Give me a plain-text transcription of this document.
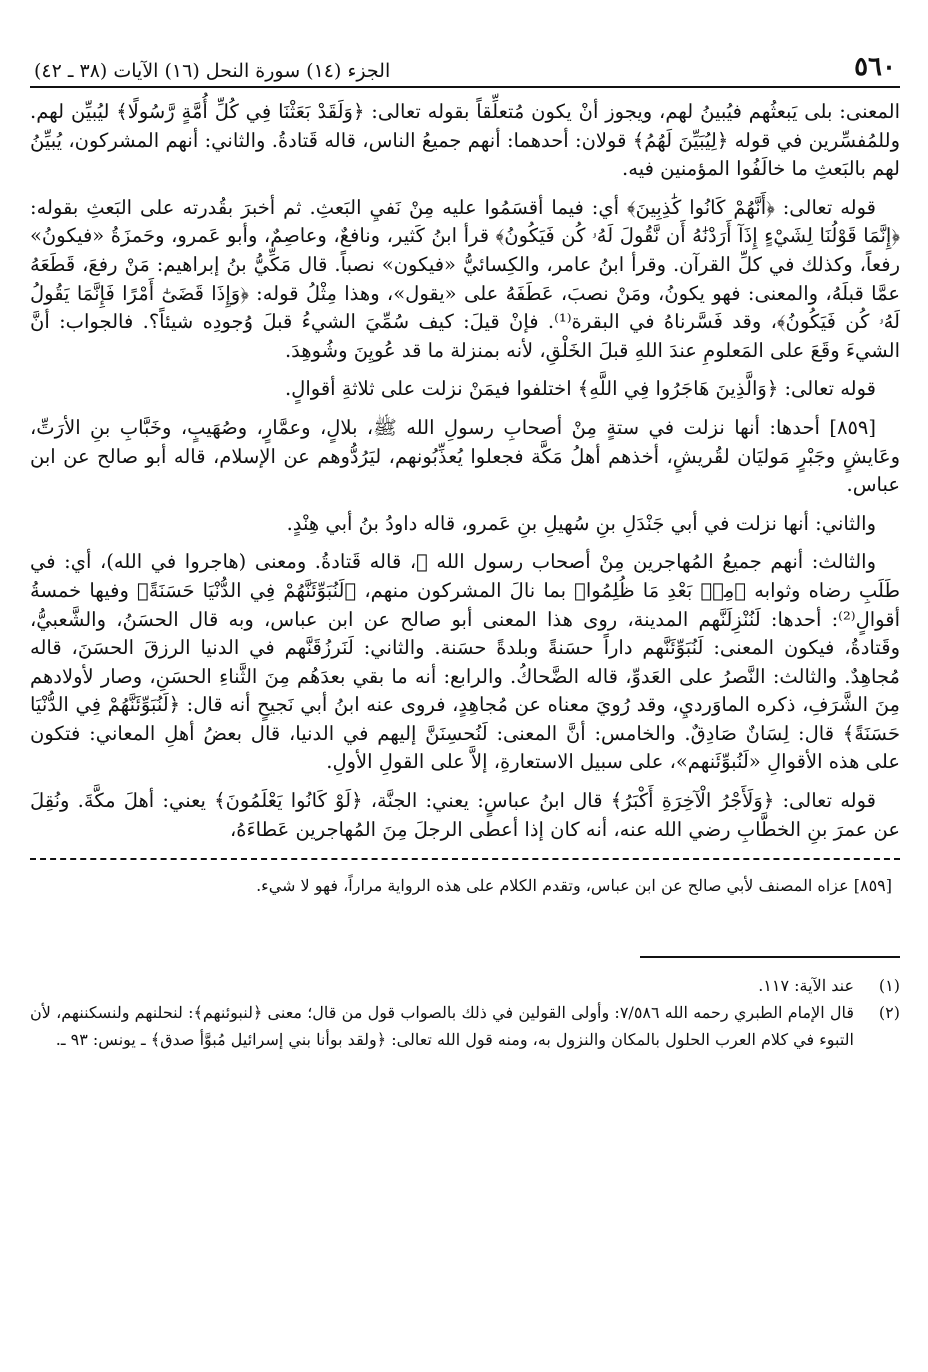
٥٦٠
الجزء (١٤) سورة النحل (١٦) الآيات (٣٨ ـ ٤٢)

المعنى: بلى يَبعثُهم فيُبينُ لهم، ويجوز أنْ يكون مُتعلِّقاً بقوله تعالى: ﴿وَلَقَدْ بَعَثْنَا فِي كُلِّ أُمَّةٍ رَّسُولًا﴾ ليُبيِّن لهم. وللمُفسِّرين في قوله ﴿لِيُبَيِّنَ لَهُمُ﴾ قولان: أحدهما: أنهم جميعُ الناس، قاله قَتادةُ. والثاني: أنهم المشركون، يُبيِّنُ لهم بالبَعثِ ما خالَفُوا المؤمنين فيه.

قوله تعالى: ﴿أَنَّهُمْ كَانُوا كَٰذِبِينَ﴾ أي: فيما أقسَمُوا عليه مِنْ نَفيِ البَعثِ. ثم أخبرَ بقُدرته على البَعثِ بقوله: ﴿إِنَّمَا قَوْلُنَا لِشَيْءٍ إِذَآ أَرَدْنَٰهُ أَن نَّقُولَ لَهُۥ كُن فَيَكُونُ﴾ قرأ ابنُ كَثير، ونافعٌ، وعاصِمٌ، وأبو عَمرو، وحَمزَةُ «فيكونُ» رفعاً، وكذلك في كلِّ القرآن. وقرأ ابنُ عامر، والكِسائيُّ «فيكون» نصباً. قال مَكِّيُّ بنُ إبراهيم: مَنْ رفعَ، قَطَعَهُ عمَّا قبلَهُ، والمعنى: فهو يكونُ، ومَنْ نصبَ، عَطَفَهُ على «يقول»، وهذا مِثْلُ قوله: ﴿وَإِذَا قَضَىٰٓ أَمْرًا فَإِنَّمَا يَقُولُ لَهُۥ كُن فَيَكُونُ﴾، وقد فَسَّرناهُ في البقرة⁽¹⁾. فإنْ قيلَ: كيف سُمِّيَ الشيءُ قبلَ وُجودِه شيئاً؟. فالجواب: أنَّ الشيءَ وقَعَ على المَعلومِ عندَ اللهِ قبلَ الخَلْقِ، لأنه بمنزلة ما قد عُويِنَ وشُوهِدَ.

قوله تعالى: ﴿وَالَّذِينَ هَاجَرُوا فِي اللَّهِ﴾ اختلفوا فيمَنْ نزلت على ثلاثةِ أقوالٍ.

[٨٥٩] أحدها: أنها نزلت في ستةٍ مِنْ أصحابِ رسولِ الله ﷺ، بلالٍ، وعمَّارٍ، وصُهَيبٍ، وخَبَّابِ بنِ الأرَتِّ، وعَايشٍ وجَبْرٍ مَوليَان لقُريشٍ، أخذهم أهلُ مَكَّة فجعلوا يُعذِّبُونهم، ليَرُدُّوهم عن الإسلام، قاله أبو صالح عن ابن عباس.

والثاني: أنها نزلت في أبي جَنْدَلِ بنِ سُهيلِ بنِ عَمرو، قاله داودُ بنُ أبي هِنْدٍ.

والثالث: أنهم جميعُ المُهاجرين مِنْ أصحاب رسول الله ﷺ، قاله قَتادةُ. ومعنى (هاجروا في الله)، أي: في طَلَبِ رضاه وثوابه ﴿مِنۢ بَعْدِ مَا ظُلِمُوا﴾ بما نالَ المشركون منهم، ﴿لَنُبَوِّئَنَّهُمْ فِي الدُّنْيَا حَسَنَةً﴾ وفيها خمسةُ أقوالٍ⁽²⁾: أحدها: لَنُنْزِلَنَّهم المدينة، روى هذا المعنى أبو صالح عن ابن عباس، وبه قال الحسَنُ، والشَّعبيُّ، وقَتادةُ، فيكون المعنى: لَنُبَوِّئَنَّهم داراً حسَنةً وبلدةً حسَنة. والثاني: لَنَرزُقَنَّهم في الدنيا الرزقَ الحسَنَ، قاله مُجاهِدٌ. والثالث: النَّصرُ على العَدوِّ، قاله الضَّحاكُ. والرابع: أنه ما بقي بعدَهُم مِنَ الثَّناءِ الحسَنِ، وصار لأولادهم مِنَ الشَّرَفِ، ذكره الماوَرديِ، وقد رُويَ معناه عن مُجاهِدٍ، فروى عنه ابنُ أبي نَجيحٍ أنه قال: ﴿لَنُبَوِّئَنَّهُمْ فِي الدُّنْيَا حَسَنَةً﴾ قال: لِسَانٌ صَادِقٌ. والخامس: أنَّ المعنى: لَنُحسِنَنَّ إليهم في الدنيا، قال بعضُ أهلِ المعاني: فتكون على هذه الأقوالِ «لَنُبوِّئَنهم»، على سبيل الاستعارةِ، إلاَّ على القولِ الأولِ.

قوله تعالى: ﴿وَلَأَجْرُ الْآخِرَةِ أَكْبَرُ﴾ قال ابنُ عباسٍ: يعني: الجنَّة، ﴿لَوْ كَانُوا يَعْلَمُونَ﴾ يعني: أهلَ مكَّةَ. ونُقِلَ عن عمرَ بنِ الخطَّابِ رضي الله عنه، أنه كان إذا أعطى الرجلَ مِنَ المُهاجرين عَطاءَهُ،

[٨٥٩] عزاه المصنف لأبي صالح عن ابن عباس، وتقدم الكلام على هذه الرواية مراراً، فهو لا شيء.
(١)
عند الآية: ١١٧.
(٢)
قال الإمام الطبري رحمه الله ٧/٥٨٦: وأولى القولين في ذلك بالصواب قول من قال؛ معنى ﴿لنبوئنهم﴾: لنحلنهم ولنسكننهم، لأن التبوء في كلام العرب الحلول بالمكان والنزول به، ومنه قول الله تعالى: ﴿ولقد بوأنا بني إسرائيل مُبوَّأ صدق﴾ ـ يونس: ٩٣ ـ.
